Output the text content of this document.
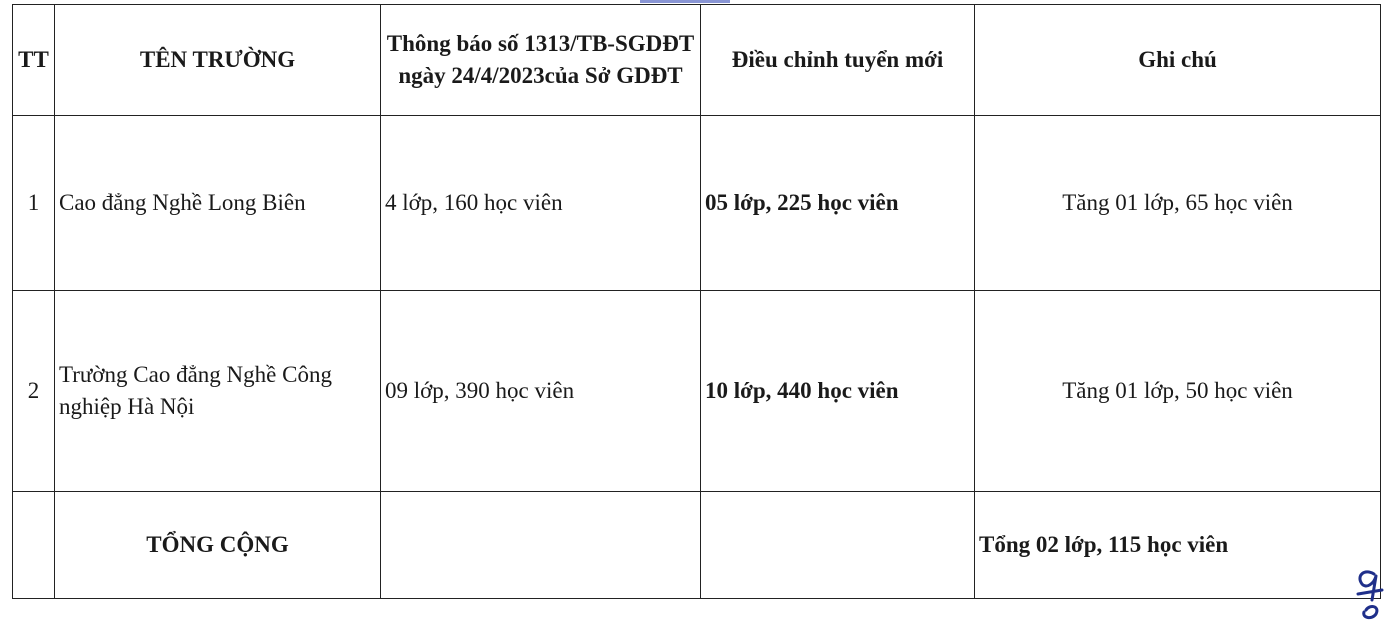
TT	TÊN TRƯỜNG	Thông báo số 1313/TB-SGDĐT ngày 24/4/2023của Sở GDĐT	Điều chỉnh tuyển mới	Ghi chú
1	Cao đẳng Nghề Long Biên	4 lớp, 160 học viên	05 lớp, 225 học viên	Tăng 01 lớp, 65 học viên
2	Trường Cao đẳng Nghề Công nghiệp Hà Nội	09 lớp, 390 học viên	10 lớp, 440 học viên	Tăng 01 lớp, 50 học viên
	TỔNG CỘNG			Tổng 02 lớp, 115 học viên
